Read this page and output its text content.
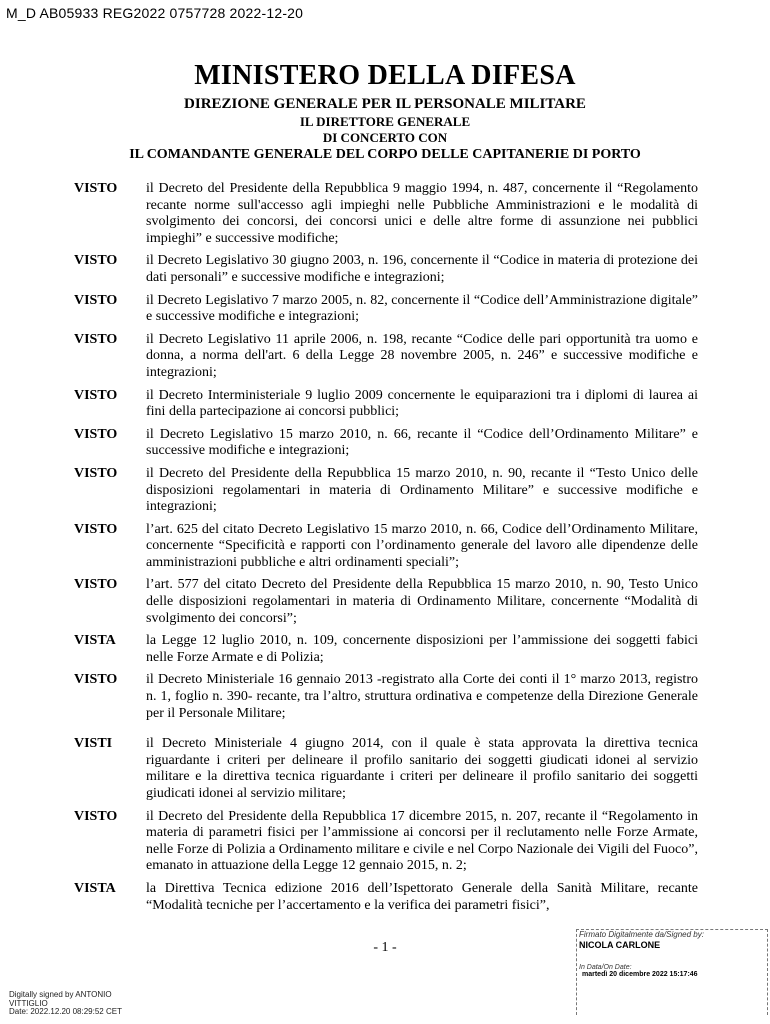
M_D AB05933 REG2022 0757728 2022-12-20
MINISTERO DELLA DIFESA
DIREZIONE GENERALE PER IL PERSONALE MILITARE
IL DIRETTORE GENERALE
DI CONCERTO CON
IL COMANDANTE GENERALE DEL CORPO DELLE CAPITANERIE DI PORTO
VISTO il Decreto del Presidente della Repubblica 9 maggio 1994, n. 487, concernente il “Regolamento recante norme sull'accesso agli impieghi nelle Pubbliche Amministrazioni e le modalità di svolgimento dei concorsi, dei concorsi unici e delle altre forme di assunzione nei pubblici impieghi” e successive modifiche;
VISTO il Decreto Legislativo 30 giugno 2003, n. 196, concernente il “Codice in materia di protezione dei dati personali” e successive modifiche e integrazioni;
VISTO il Decreto Legislativo 7 marzo 2005, n. 82, concernente il “Codice dell’Amministrazione digitale” e successive modifiche e integrazioni;
VISTO il Decreto Legislativo 11 aprile 2006, n. 198, recante “Codice delle pari opportunità tra uomo e donna, a norma dell'art. 6 della Legge 28 novembre 2005, n. 246” e successive modifiche e integrazioni;
VISTO il Decreto Interministeriale 9 luglio 2009 concernente le equiparazioni tra i diplomi di laurea ai fini della partecipazione ai concorsi pubblici;
VISTO il Decreto Legislativo 15 marzo 2010, n. 66, recante il “Codice dell’Ordinamento Militare” e successive modifiche e integrazioni;
VISTO il Decreto del Presidente della Repubblica 15 marzo 2010, n. 90, recante il “Testo Unico delle disposizioni regolamentari in materia di Ordinamento Militare” e successive modifiche e integrazioni;
VISTO l’art. 625 del citato Decreto Legislativo 15 marzo 2010, n. 66, Codice dell’Ordinamento Militare, concernente “Specificità e rapporti con l’ordinamento generale del lavoro alle dipendenze delle amministrazioni pubbliche e altri ordinamenti speciali”;
VISTO l’art. 577 del citato Decreto del Presidente della Repubblica 15 marzo 2010, n. 90, Testo Unico delle disposizioni regolamentari in materia di Ordinamento Militare, concernente “Modalità di svolgimento dei concorsi”;
VISTA la Legge 12 luglio 2010, n. 109, concernente disposizioni per l’ammissione dei soggetti fabici nelle Forze Armate e di Polizia;
VISTO il Decreto Ministeriale 16 gennaio 2013 -registrato alla Corte dei conti il 1° marzo 2013, registro n. 1, foglio n. 390- recante, tra l’altro, struttura ordinativa e competenze della Direzione Generale per il Personale Militare;
VISTI il Decreto Ministeriale 4 giugno 2014, con il quale è stata approvata la direttiva tecnica riguardante i criteri per delineare il profilo sanitario dei soggetti giudicati idonei al servizio militare e la direttiva tecnica riguardante i criteri per delineare il profilo sanitario dei soggetti giudicati idonei al servizio militare;
VISTO il Decreto del Presidente della Repubblica 17 dicembre 2015, n. 207, recante il “Regolamento in materia di parametri fisici per l’ammissione ai concorsi per il reclutamento nelle Forze Armate, nelle Forze di Polizia a Ordinamento militare e civile e nel Corpo Nazionale dei Vigili del Fuoco”, emanato in attuazione della Legge 12 gennaio 2015, n. 2;
VISTA la Direttiva Tecnica edizione 2016 dell’Ispettorato Generale della Sanità Militare, recante “Modalità tecniche per l’accertamento e la verifica dei parametri fisici”,
- 1 -
Firmato Digitalmente da/Signed by:
NICOLA CARLONE
In Data/On Date:
martedì 20 dicembre 2022 15:17:46
Digitally signed by ANTONIO
VITTIGLIO
Date: 2022.12.20 08:29:52 CET
